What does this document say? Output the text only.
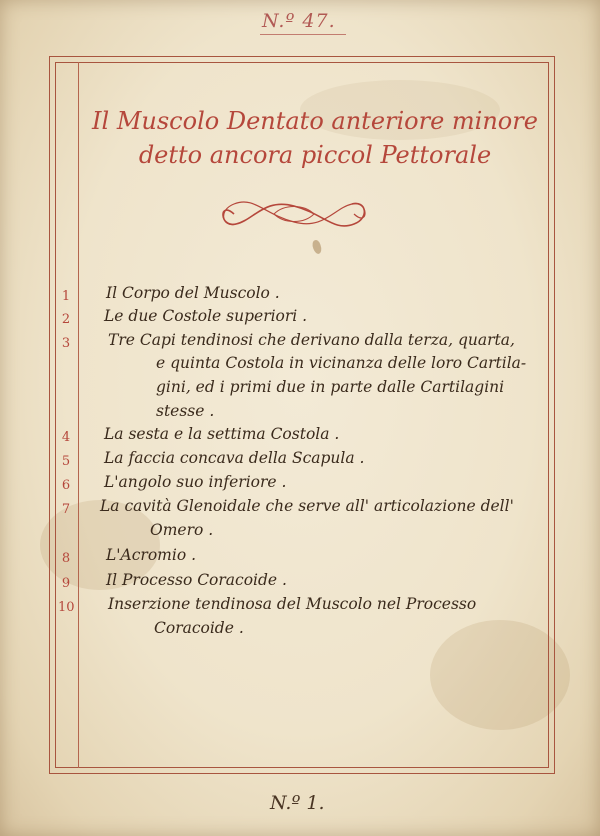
N.º 47.
Il Muscolo Dentato anteriore minore
detto ancora piccol Pettorale
1 Il Corpo del Muscolo .
2 Le due Costole superiori .
3 Tre Capi tendinosi che derivano dalla terza, quarta,
e quinta Costola in vicinanza delle loro Cartila-
gini, ed i primi due in parte dalle Cartilagini
stesse .
4 La sesta e la settima Costola .
5 La faccia concava della Scapula .
6 L'angolo suo inferiore .
7 La cavità Glenoidale che serve all' articolazione dell'
Omero .
8 L'Acromio .
9 Il Processo Coracoide .
10 Inserzione tendinosa del Muscolo nel Processo
Coracoide .
N.º 1.
